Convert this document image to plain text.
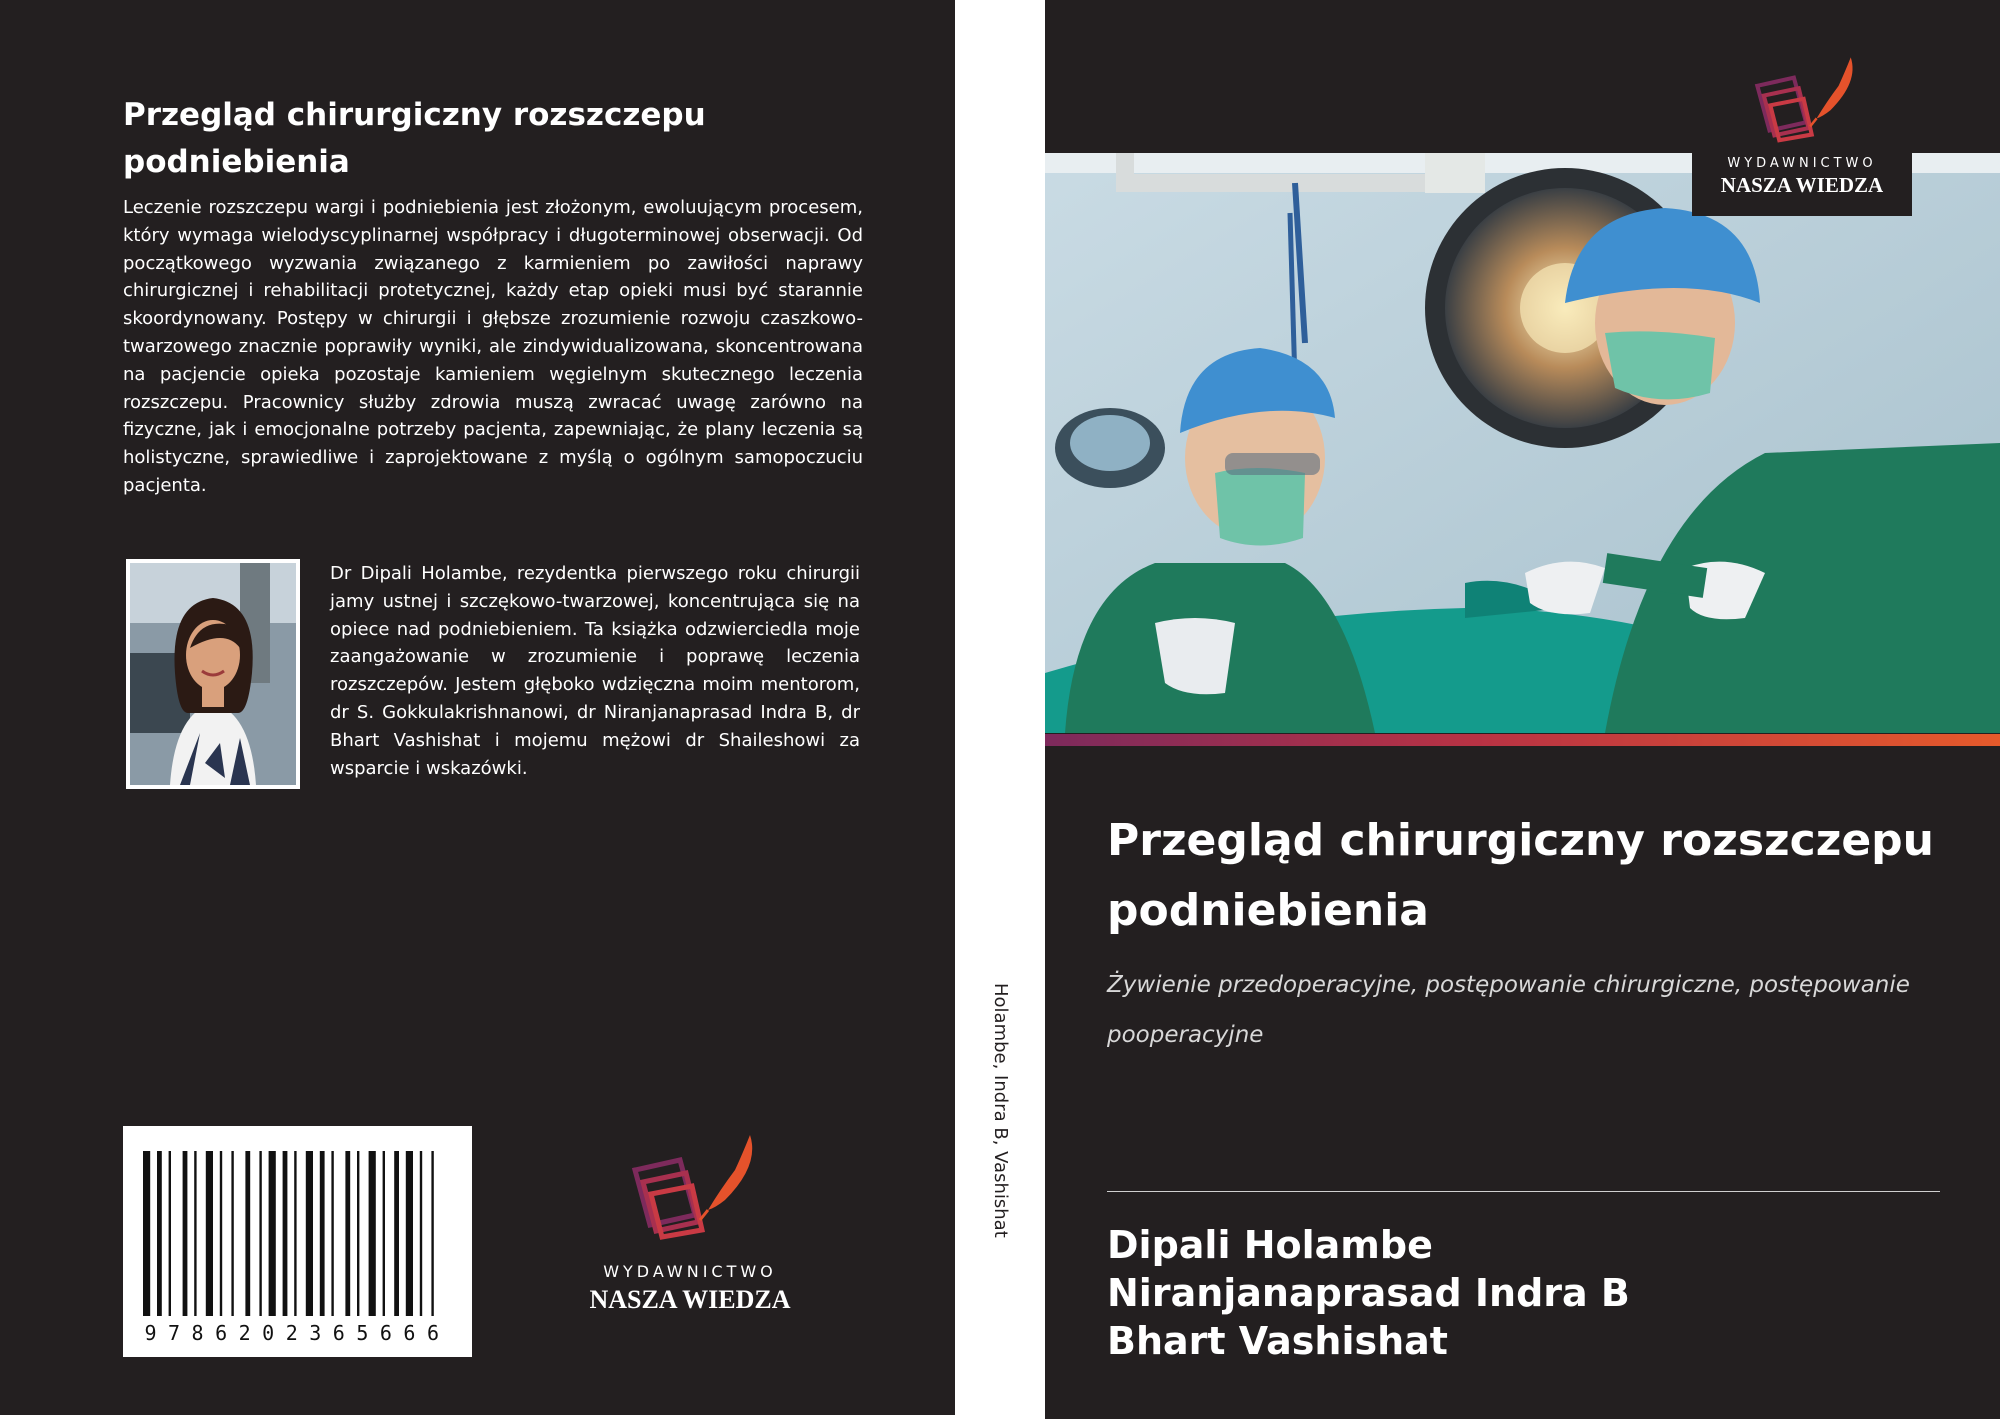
Przegląd chirurgiczny rozszczepu podniebienia

Leczenie rozszczepu wargi i podniebienia jest złożonym, ewoluującym procesem, który wymaga wielodyscyplinarnej współpracy i długoterminowej obserwacji. Od początkowego wyzwania związanego z karmieniem po zawiłości naprawy chirurgicznej i rehabilitacji protetycznej, każdy etap opieki musi być starannie skoordynowany. Postępy w chirurgii i głębsze zrozumienie rozwoju czaszkowo-twarzowego znacznie poprawiły wyniki, ale zindywidualizowana, skoncentrowana na pacjencie opieka pozostaje kamieniem węgielnym skutecznego leczenia rozszczepu. Pracownicy służby zdrowia muszą zwracać uwagę zarówno na fizyczne, jak i emocjonalne potrzeby pacjenta, zapewniając, że plany leczenia są holistyczne, sprawiedliwe i zaprojektowane z myślą o ogólnym samopoczuciu pacjenta.

Dr Dipali Holambe, rezydentka pierwszego roku chirurgii jamy ustnej i szczękowo-twarzowej, koncentrująca się na opiece nad podniebieniem. Ta książka odzwierciedla moje zaangażowanie w zrozumienie i poprawę leczenia rozszczepów. Jestem głęboko wdzięczna moim mentorom, dr S. Gokkulakrishnanowi, dr Niranjanaprasad Indra B, dr Bhart Vashishat i mojemu mężowi dr Shaileshowi za wsparcie i wskazówki.

9786202365666
WYDAWNICTWO
NASZA WIEDZA
Holambe, Indra B, Vashishat
WYDAWNICTWO
NASZA WIEDZA
Przegląd chirurgiczny rozszczepu podniebienia

Żywienie przedoperacyjne, postępowanie chirurgiczne, postępowanie pooperacyjne

Dipali Holambe
Niranjanaprasad Indra B
Bhart Vashishat
